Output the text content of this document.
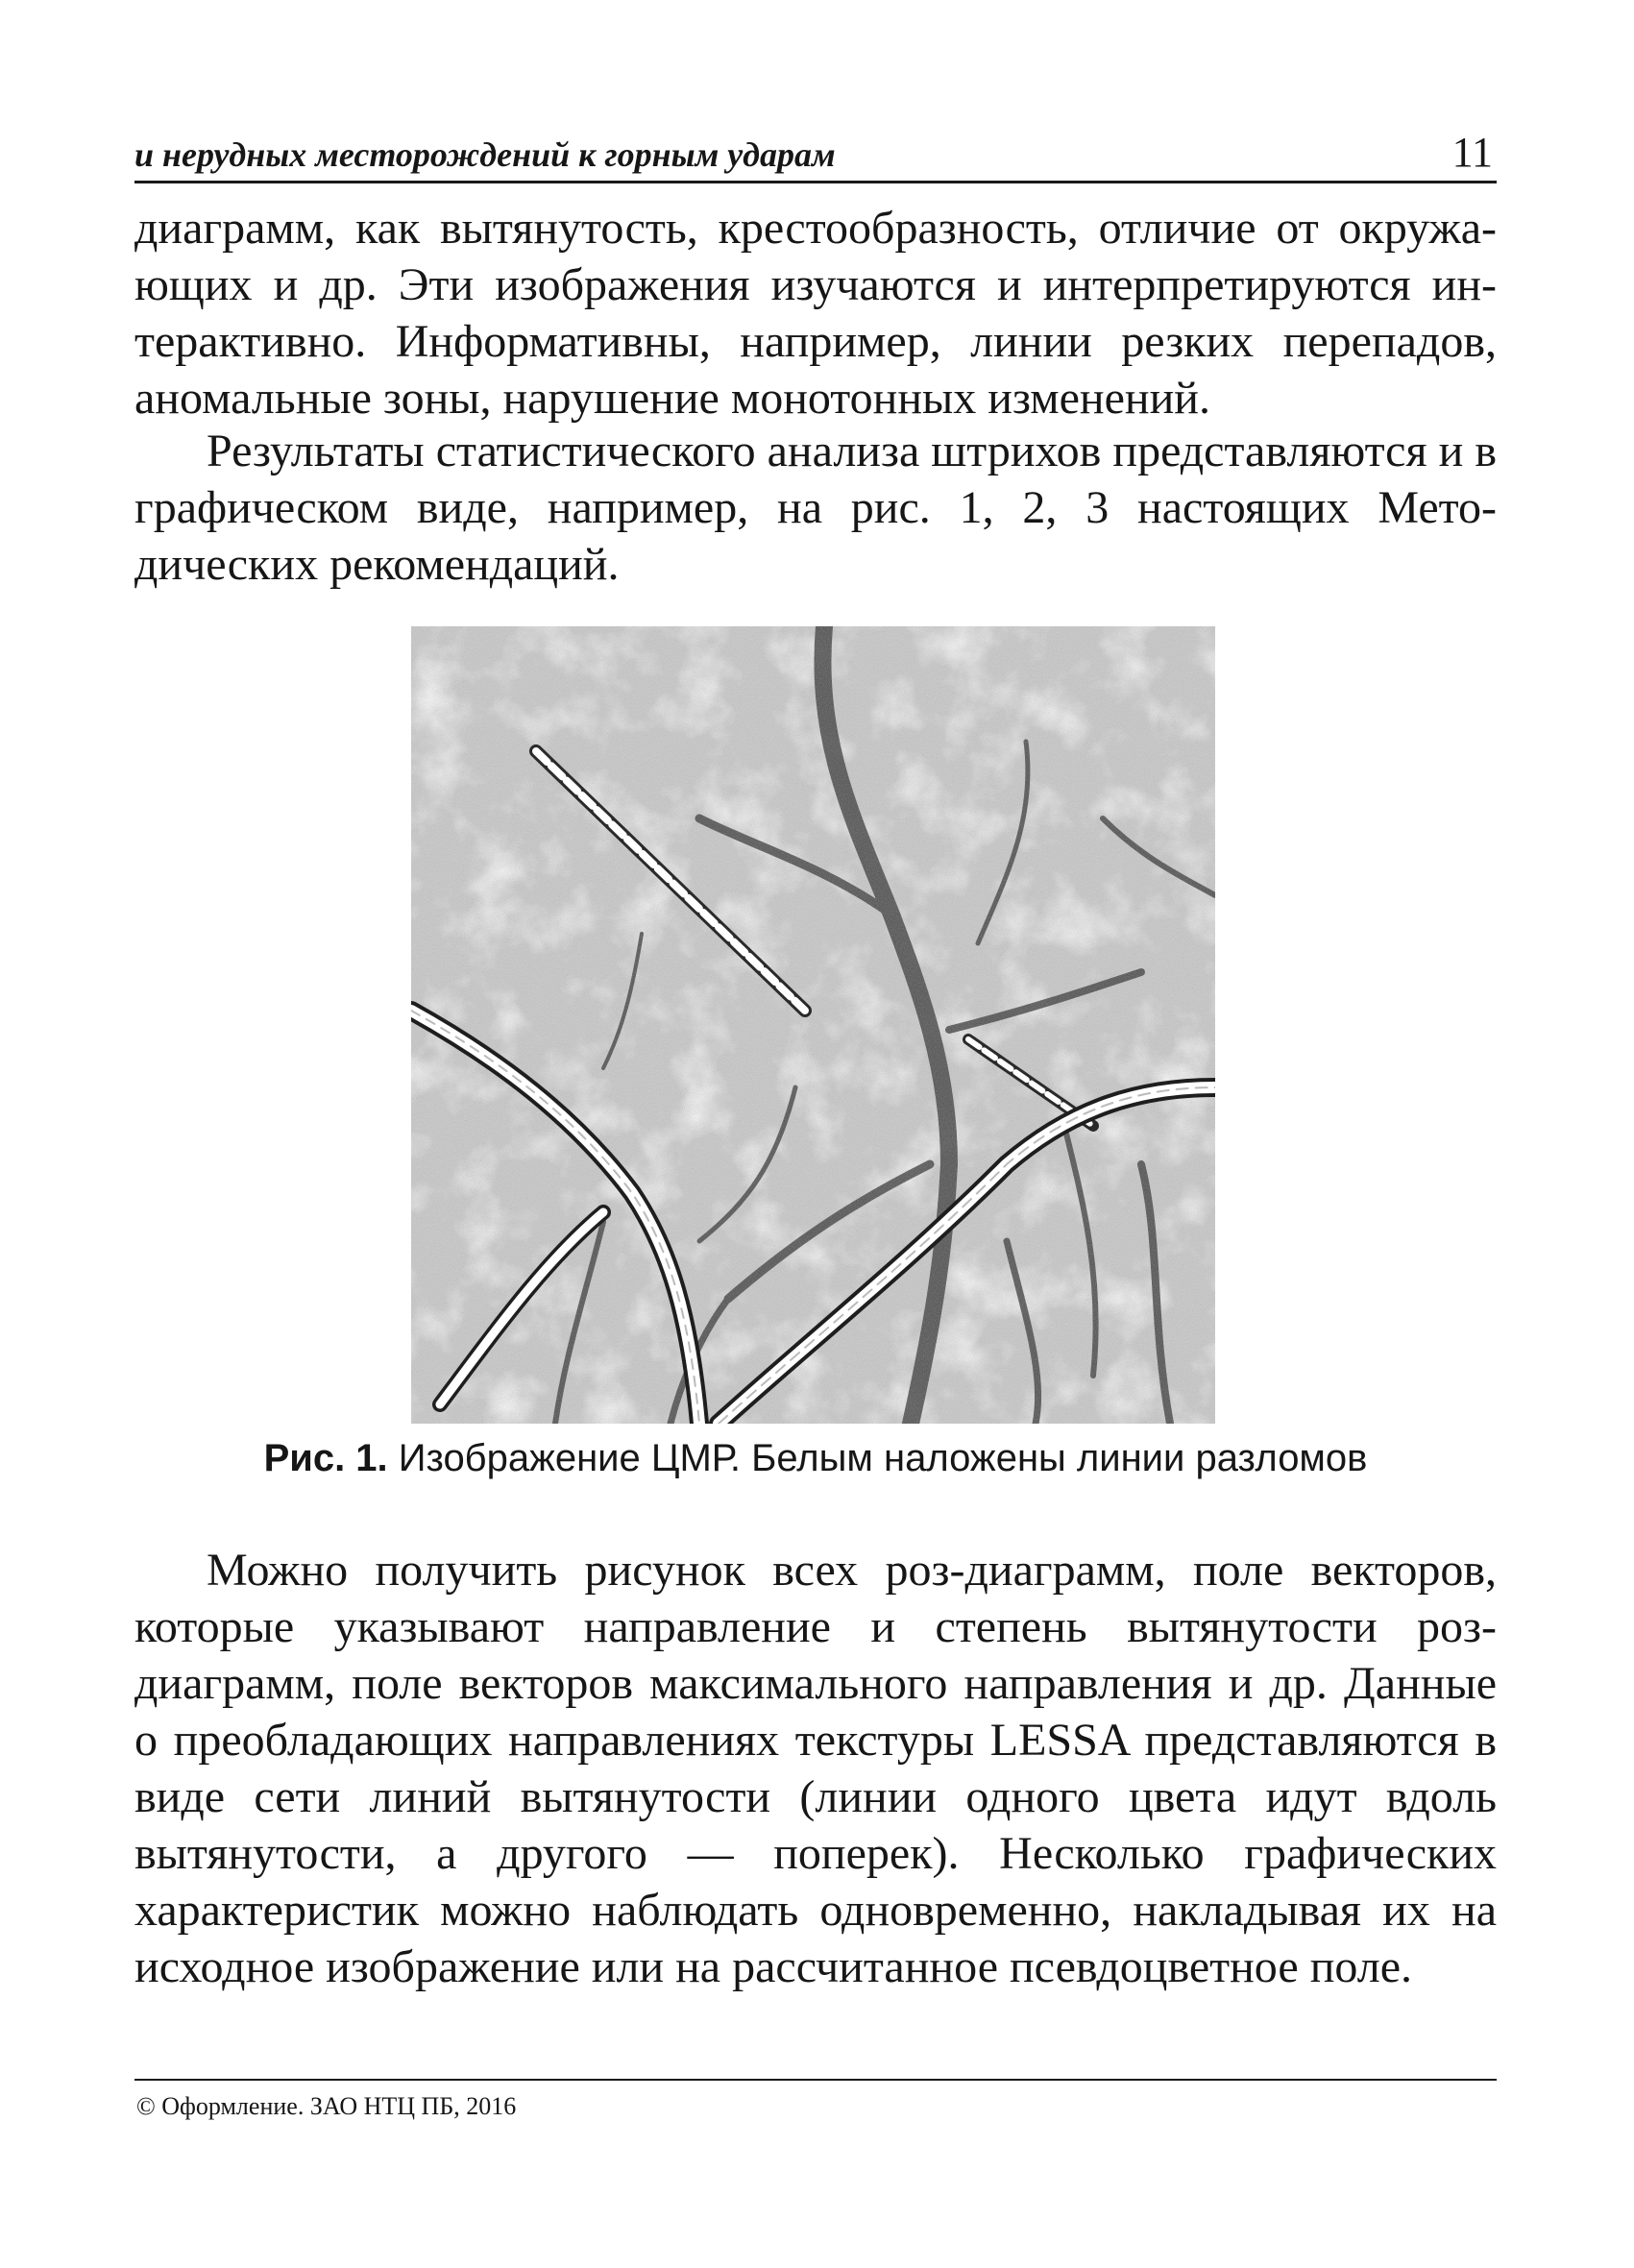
и нерудных месторождений к горным ударам	11

диаграмм, как вытянутость, крестообразность, отличие от окружающих и др. Эти изображения изучаются и интерпретируются интерактивно. Информативны, например, линии резких перепадов, аномальные зоны, нарушение монотонных изменений.

Результаты статистического анализа штрихов представляются и в графическом виде, например, на рис. 1, 2, 3 настоящих Методических рекомендаций.

Рис. 1. Изображение ЦМР. Белым наложены линии разломов

Можно получить рисунок всех роз-диаграмм, поле векторов, которые указывают направление и степень вытянутости роз-диаграмм, поле векторов максимального направления и др. Данные о преобладающих направлениях текстуры LESSA представляются в виде сети линий вытянутости (линии одного цвета идут вдоль вытянутости, а другого — поперек). Несколько графических характеристик можно наблюдать одновременно, накладывая их на исходное изображение или на рассчитанное псевдоцветное поле.

© Оформление. ЗАО НТЦ ПБ, 2016
